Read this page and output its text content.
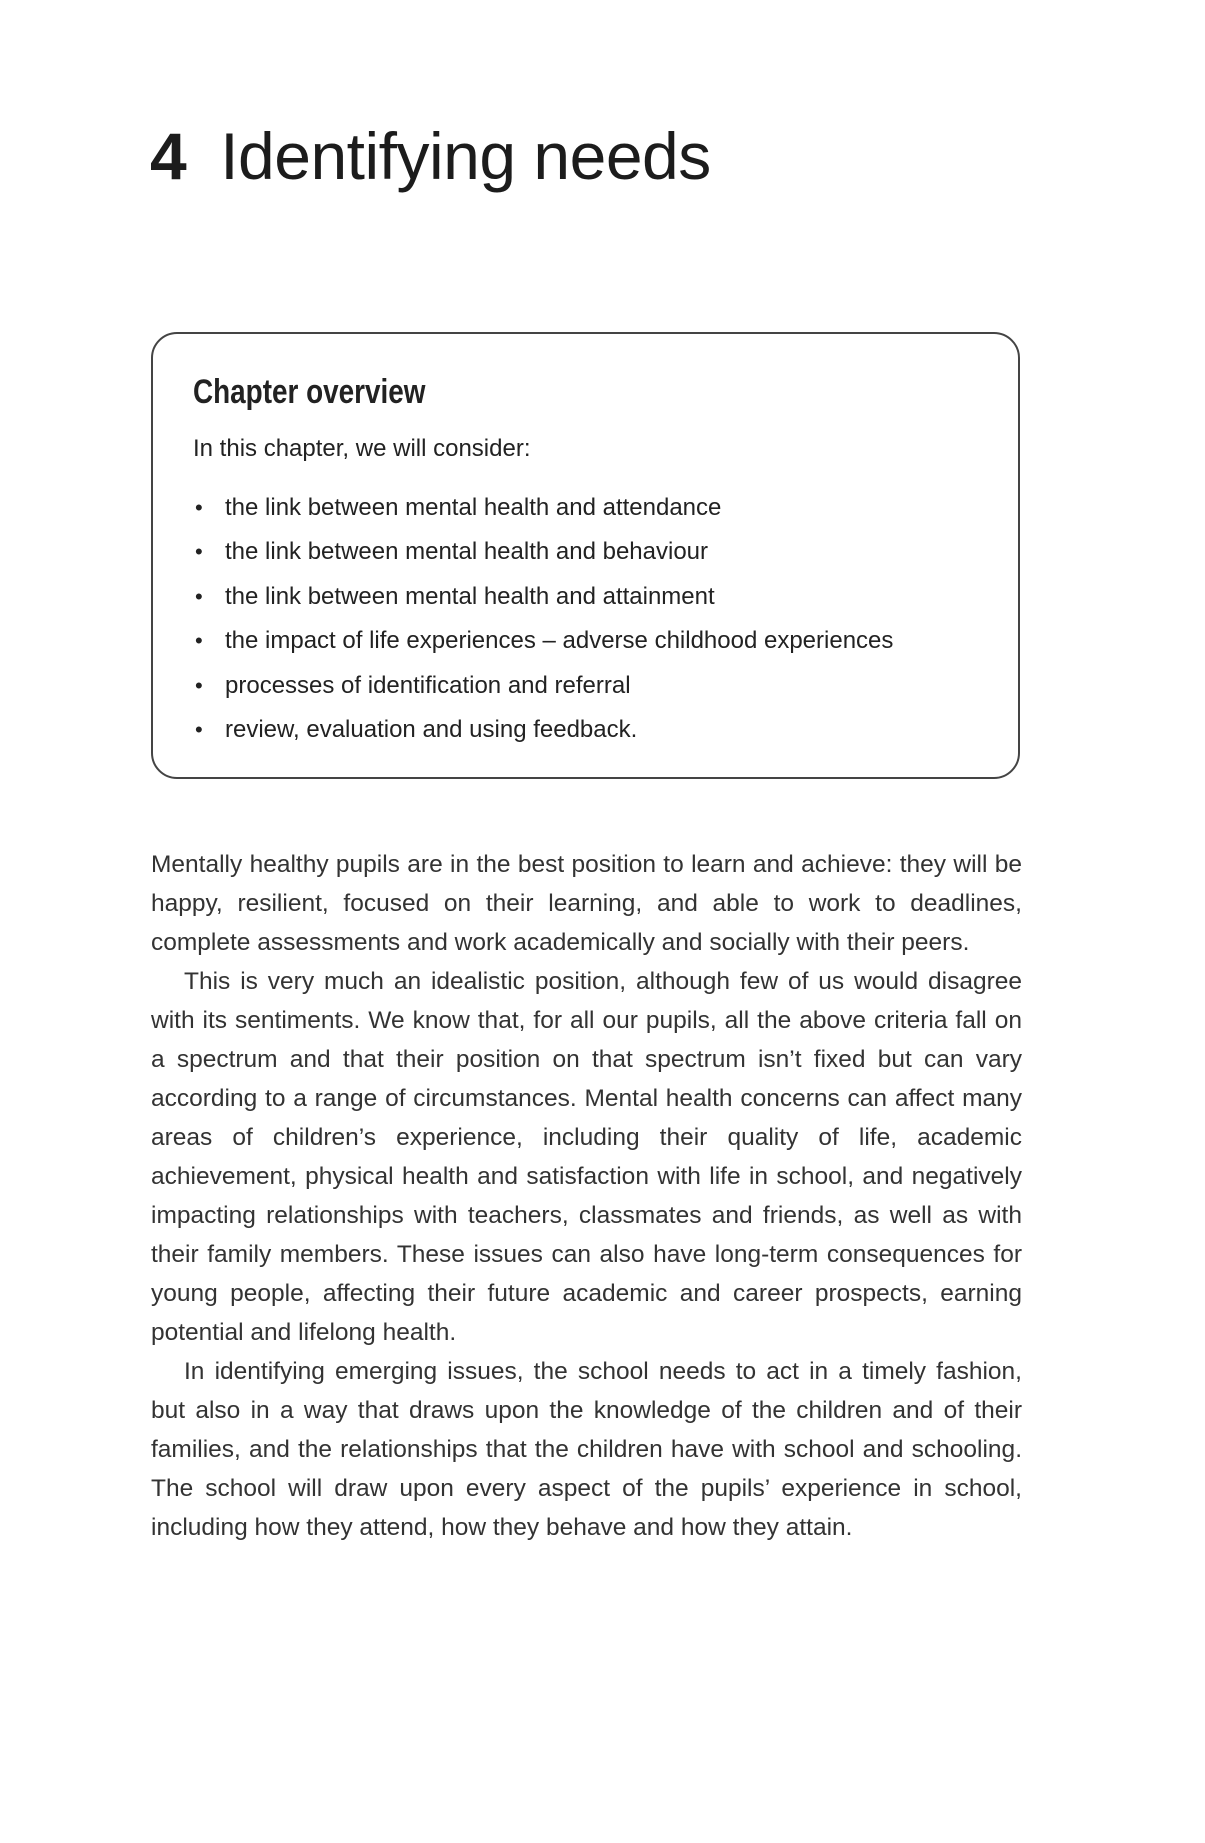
4 Identifying needs
Chapter overview

In this chapter, we will consider:

• the link between mental health and attendance
• the link between mental health and behaviour
• the link between mental health and attainment
• the impact of life experiences – adverse childhood experiences
• processes of identification and referral
• review, evaluation and using feedback.

Mentally healthy pupils are in the best position to learn and achieve: they will be happy, resilient, focused on their learning, and able to work to deadlines, complete assessments and work academically and socially with their peers.

This is very much an idealistic position, although few of us would disagree with its sentiments. We know that, for all our pupils, all the above criteria fall on a spectrum and that their position on that spectrum isn’t fixed but can vary according to a range of circumstances. Mental health concerns can affect many areas of children’s experience, including their quality of life, academic achievement, physical health and satisfaction with life in school, and negatively impacting relationships with teachers, classmates and friends, as well as with their family members. These issues can also have long-term consequences for young people, affecting their future academic and career prospects, earning potential and lifelong health.

In identifying emerging issues, the school needs to act in a timely fashion, but also in a way that draws upon the knowledge of the children and of their families, and the relationships that the children have with school and schooling. The school will draw upon every aspect of the pupils’ experience in school, including how they attend, how they behave and how they attain.
